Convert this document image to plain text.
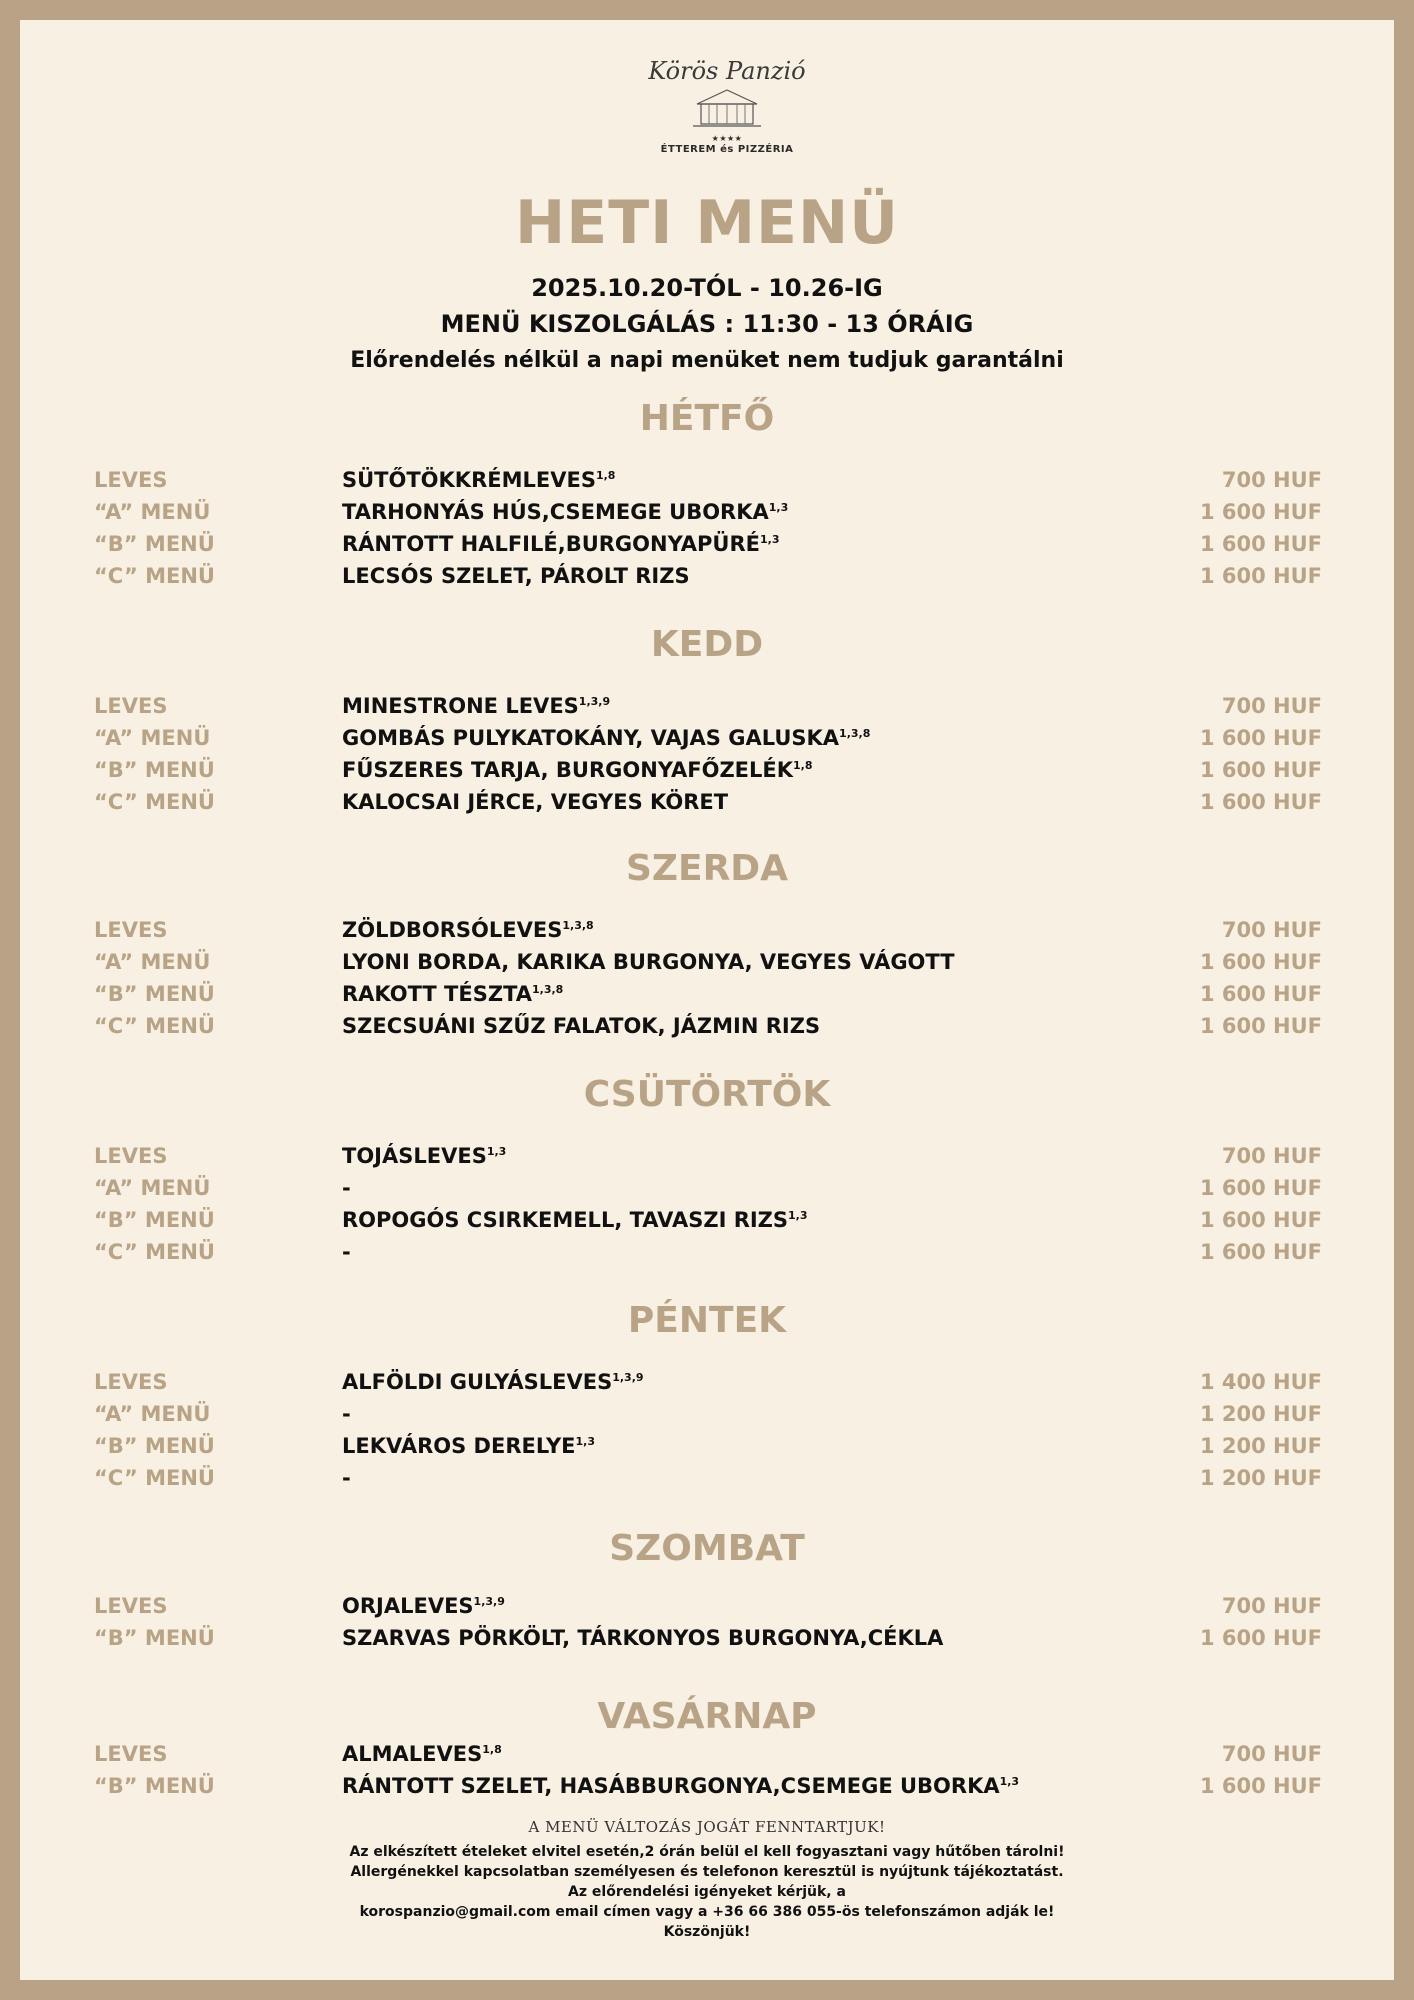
Körös Panzió
★★★★
ÉTTEREM és PIZZÉRIA
HETI MENÜ
2025.10.20-TÓL - 10.26-IG
MENÜ KISZOLGÁLÁS : 11:30 - 13 ÓRÁIG
Előrendelés nélkül a napi menüket nem tudjuk garantálni
HÉTFŐ
LEVES	SÜTŐTÖKKRÉMLEVES$^{1,8}$	700 HUF
“A” MENÜ	TARHONYÁS HÚS,CSEMEGE UBORKA$^{1,3}$	1 600 HUF
“B” MENÜ	RÁNTOTT HALFILÉ,BURGONYAPÜRÉ$^{1,3}$	1 600 HUF
“C” MENÜ	LECSÓS SZELET, PÁROLT RIZS	1 600 HUF
KEDD
LEVES	MINESTRONE LEVES$^{1,3,9}$	700 HUF
“A” MENÜ	GOMBÁS PULYKATOKÁNY, VAJAS GALUSKA$^{1,3,8}$	1 600 HUF
“B” MENÜ	FŰSZERES TARJA, BURGONYAFŐZELÉK$^{1,8}$	1 600 HUF
“C” MENÜ	KALOCSAI JÉRCE, VEGYES KÖRET	1 600 HUF
SZERDA
LEVES	ZÖLDBORSÓLEVES$^{1,3,8}$	700 HUF
“A” MENÜ	LYONI BORDA, KARIKA BURGONYA, VEGYES VÁGOTT	1 600 HUF
“B” MENÜ	RAKOTT TÉSZTA$^{1,3,8}$	1 600 HUF
“C” MENÜ	SZECSUÁNI SZŰZ FALATOK, JÁZMIN RIZS	1 600 HUF
CSÜTÖRTÖK
LEVES	TOJÁSLEVES$^{1,3}$	700 HUF
“A” MENÜ	-	1 600 HUF
“B” MENÜ	ROPOGÓS CSIRKEMELL, TAVASZI RIZS$^{1,3}$	1 600 HUF
“C” MENÜ	-	1 600 HUF
PÉNTEK
LEVES	ALFÖLDI GULYÁSLEVES$^{1,3,9}$	1 400 HUF
“A” MENÜ	-	1 200 HUF
“B” MENÜ	LEKVÁROS DERELYE$^{1,3}$	1 200 HUF
“C” MENÜ	-	1 200 HUF
SZOMBAT
LEVES	ORJALEVES$^{1,3,9}$	700 HUF
“B” MENÜ	SZARVAS PÖRKÖLT, TÁRKONYOS BURGONYA,CÉKLA	1 600 HUF
VASÁRNAP
LEVES	ALMALEVES$^{1,8}$	700 HUF
“B” MENÜ	RÁNTOTT SZELET, HASÁBBURGONYA,CSEMEGE UBORKA$^{1,3}$	1 600 HUF
A MENÜ VÁLTOZÁS JOGÁT FENNTARTJUK!
Az elkészített ételeket elvitel esetén,2 órán belül el kell fogyasztani vagy hűtőben tárolni!
Allergénekkel kapcsolatban személyesen és telefonon keresztül is nyújtunk tájékoztatást.
Az előrendelési igényeket kérjük, a
korospanzio@gmail.com email címen vagy a +36 66 386 055-ös telefonszámon adják le!
Köszönjük!
